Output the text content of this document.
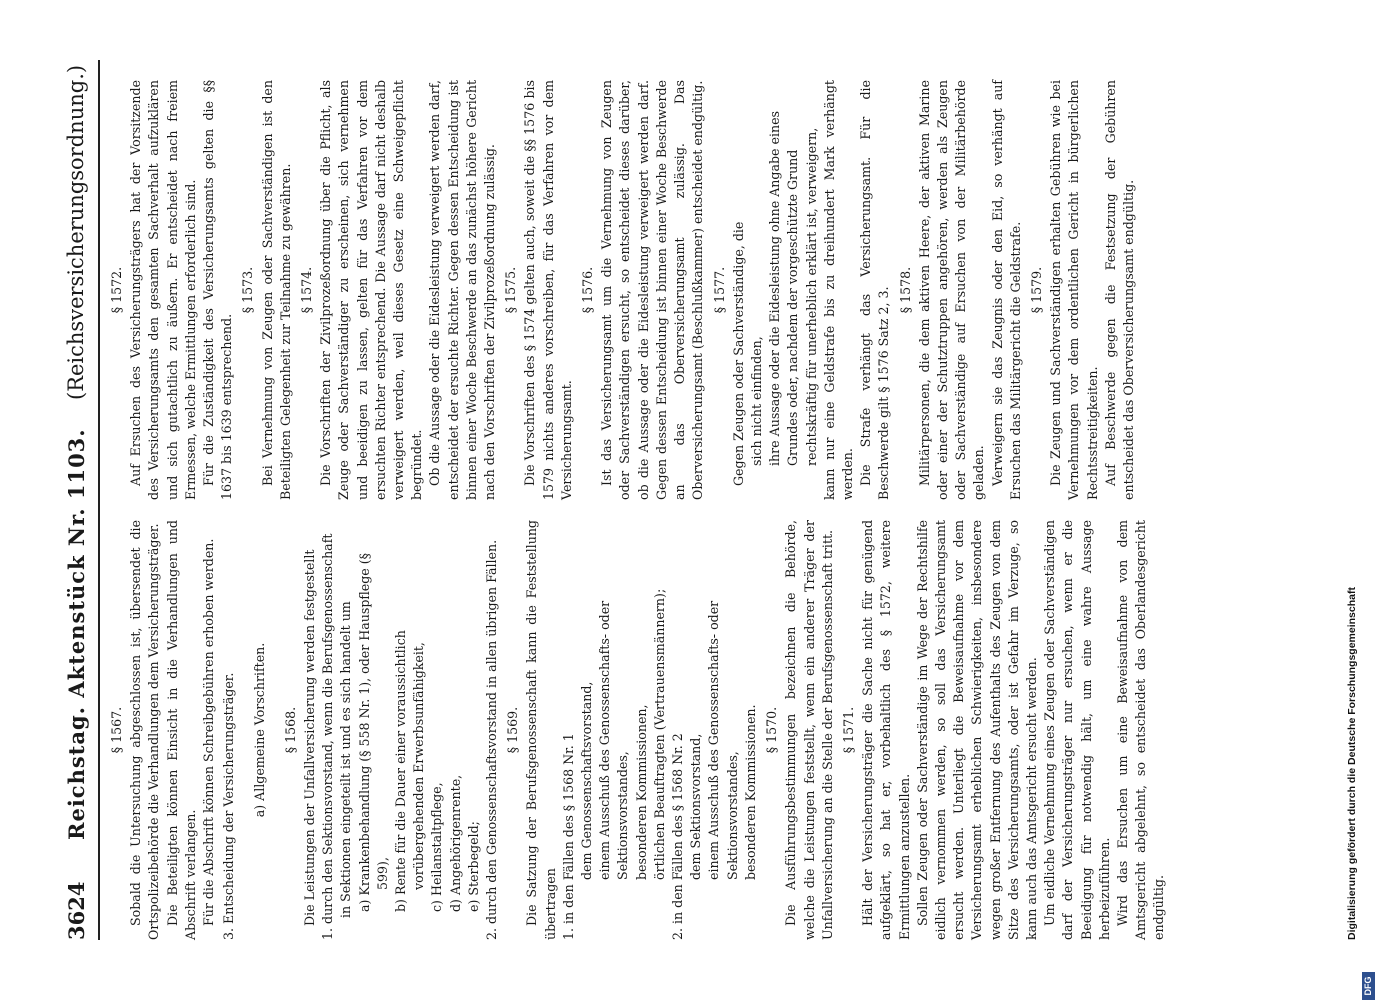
3624
Reichstag. Aktenstück Nr. 1103.
(Reichsversicherungsordnung.)

§ 1567. Sobald die Untersuchung abgeschlossen ist, übersendet die Ortspolizeibehörde die Verhandlungen dem Versicherungsträger. Die Beteiligten können Einsicht in die Verhandlungen und Abschrift verlangen. Für die Abschrift können Schreibgebühren erhoben werden. 3. Entscheidung der Versicherungsträger. a) Allgemeine Vorschriften. § 1568. Die Leistungen der Unfallversicherung werden festgestellt 1. durch den Sektionsvorstand, wenn die Berufsgenossenschaft in Sektionen eingeteilt ist und es sich handelt um a) Krankenbehandlung (§ 558 Nr. 1), oder Hauspflege (§ 599), b) Rente für die Dauer einer voraussichtlich vorübergehenden Erwerbsunfähigkeit, c) Heilanstaltpflege, d) Angehörigenrente, e) Sterbegeld; 2. durch den Genossenschaftsvorstand in allen übrigen Fällen. § 1569. Die Satzung der Berufsgenossenschaft kann die Feststellung übertragen 1. in den Fällen des § 1568 Nr. 1 dem Genossenschaftsvorstand, einem Ausschuß des Genossenschafts- oder Sektionsvorstandes, besonderen Kommissionen, örtlichen Beauftragten (Vertrauensmännern); 2. in den Fällen des § 1568 Nr. 2 dem Sektionsvorstand, einem Ausschuß des Genossenschafts- oder Sektionsvorstandes, besonderen Kommissionen. § 1570. Die Ausführungsbestimmungen bezeichnen die Behörde, welche die Leistungen feststellt, wenn ein anderer Träger der Unfallversicherung an die Stelle der Berufsgenossenschaft tritt. § 1571. Hält der Versicherungsträger die Sache nicht für genügend aufgeklärt, so hat er, vorbehaltlich des § 1572, weitere Ermittlungen anzustellen. Sollen Zeugen oder Sachverständige im Wege der Rechtshilfe eidlich vernommen werden, so soll das Versicherungsamt ersucht werden. Unterliegt die Beweisaufnahme vor dem Versicherungsamt erheblichen Schwierigkeiten, insbesondere wegen großer Entfernung des Aufenthalts des Zeugen von dem Sitze des Versicherungsamts, oder ist Gefahr im Verzuge, so kann auch das Amtsgericht ersucht werden. Um eidliche Vernehmung eines Zeugen oder Sachverständigen darf der Versicherungsträger nur ersuchen, wenn er die Beeidigung für notwendig hält, um eine wahre Aussage herbeizuführen. Wird das Ersuchen um eine Beweisaufnahme von dem Amtsgericht abgelehnt, so entscheidet das Oberlandesgericht endgültig.

§ 1572. Auf Ersuchen des Versicherungsträgers hat der Vorsitzende des Versicherungsamts den gesamten Sachverhalt aufzuklären und sich gutachtlich zu äußern. Er entscheidet nach freiem Ermessen, welche Ermittlungen erforderlich sind. Für die Zuständigkeit des Versicherungsamts gelten die §§ 1637 bis 1639 entsprechend.

§ 1573. Bei Vernehmung von Zeugen oder Sachverständigen ist den Beteiligten Gelegenheit zur Teilnahme zu gewähren. § 1574. Die Vorschriften der Zivilprozeßordnung über die Pflicht, als Zeuge oder Sachverständiger zu erscheinen, sich vernehmen und beeidigen zu lassen, gelten für das Verfahren vor dem ersuchten Richter entsprechend. Die Aussage darf nicht deshalb verweigert werden, weil dieses Gesetz eine Schweigepflicht begründet. Ob die Aussage oder die Eidesleistung verweigert werden darf, entscheidet der ersuchte Richter. Gegen dessen Entscheidung ist binnen einer Woche Beschwerde an das zunächst höhere Gericht nach den Vorschriften der Zivilprozeßordnung zulässig. § 1575. Die Vorschriften des § 1574 gelten auch, soweit die §§ 1576 bis 1579 nichts anderes vorschreiben, für das Verfahren vor dem Versicherungsamt.

§ 1576. Ist das Versicherungsamt um die Vernehmung von Zeugen oder Sachverständigen ersucht, so entscheidet dieses darüber, ob die Aussage oder die Eidesleistung verweigert werden darf. Gegen dessen Entscheidung ist binnen einer Woche Beschwerde an das Oberversicherungsamt zulässig. Das Oberversicherungsamt (Beschlußkammer) entscheidet endgültig. § 1577. Gegen Zeugen oder Sachverständige, die sich nicht einfinden, ihre Aussage oder die Eidesleistung ohne Angabe eines Grundes oder, nachdem der vorgeschützte Grund rechtskräftig für unerheblich erklärt ist, verweigern, kann nur eine Geldstrafe bis zu dreihundert Mark verhängt werden. Die Strafe verhängt das Versicherungsamt. Für die Beschwerde gilt § 1576 Satz 2, 3. § 1578. Militärpersonen, die dem aktiven Heere, der aktiven Marine oder einer der Schutztruppen angehören, werden als Zeugen oder Sachverständige auf Ersuchen von der Militärbehörde geladen. Verweigern sie das Zeugnis oder den Eid, so verhängt auf Ersuchen das Militärgericht die Geldstrafe. § 1579. Die Zeugen und Sachverständigen erhalten Gebühren wie bei Vernehmungen vor dem ordentlichen Gericht in bürgerlichen Rechtsstreitigkeiten. Auf Beschwerde gegen die Festsetzung der Gebühren entscheidet das Oberversicherungsamt endgültig.

Digitalisierung gefördert durch die Deutsche Forschungsgemeinschaft
DFG
